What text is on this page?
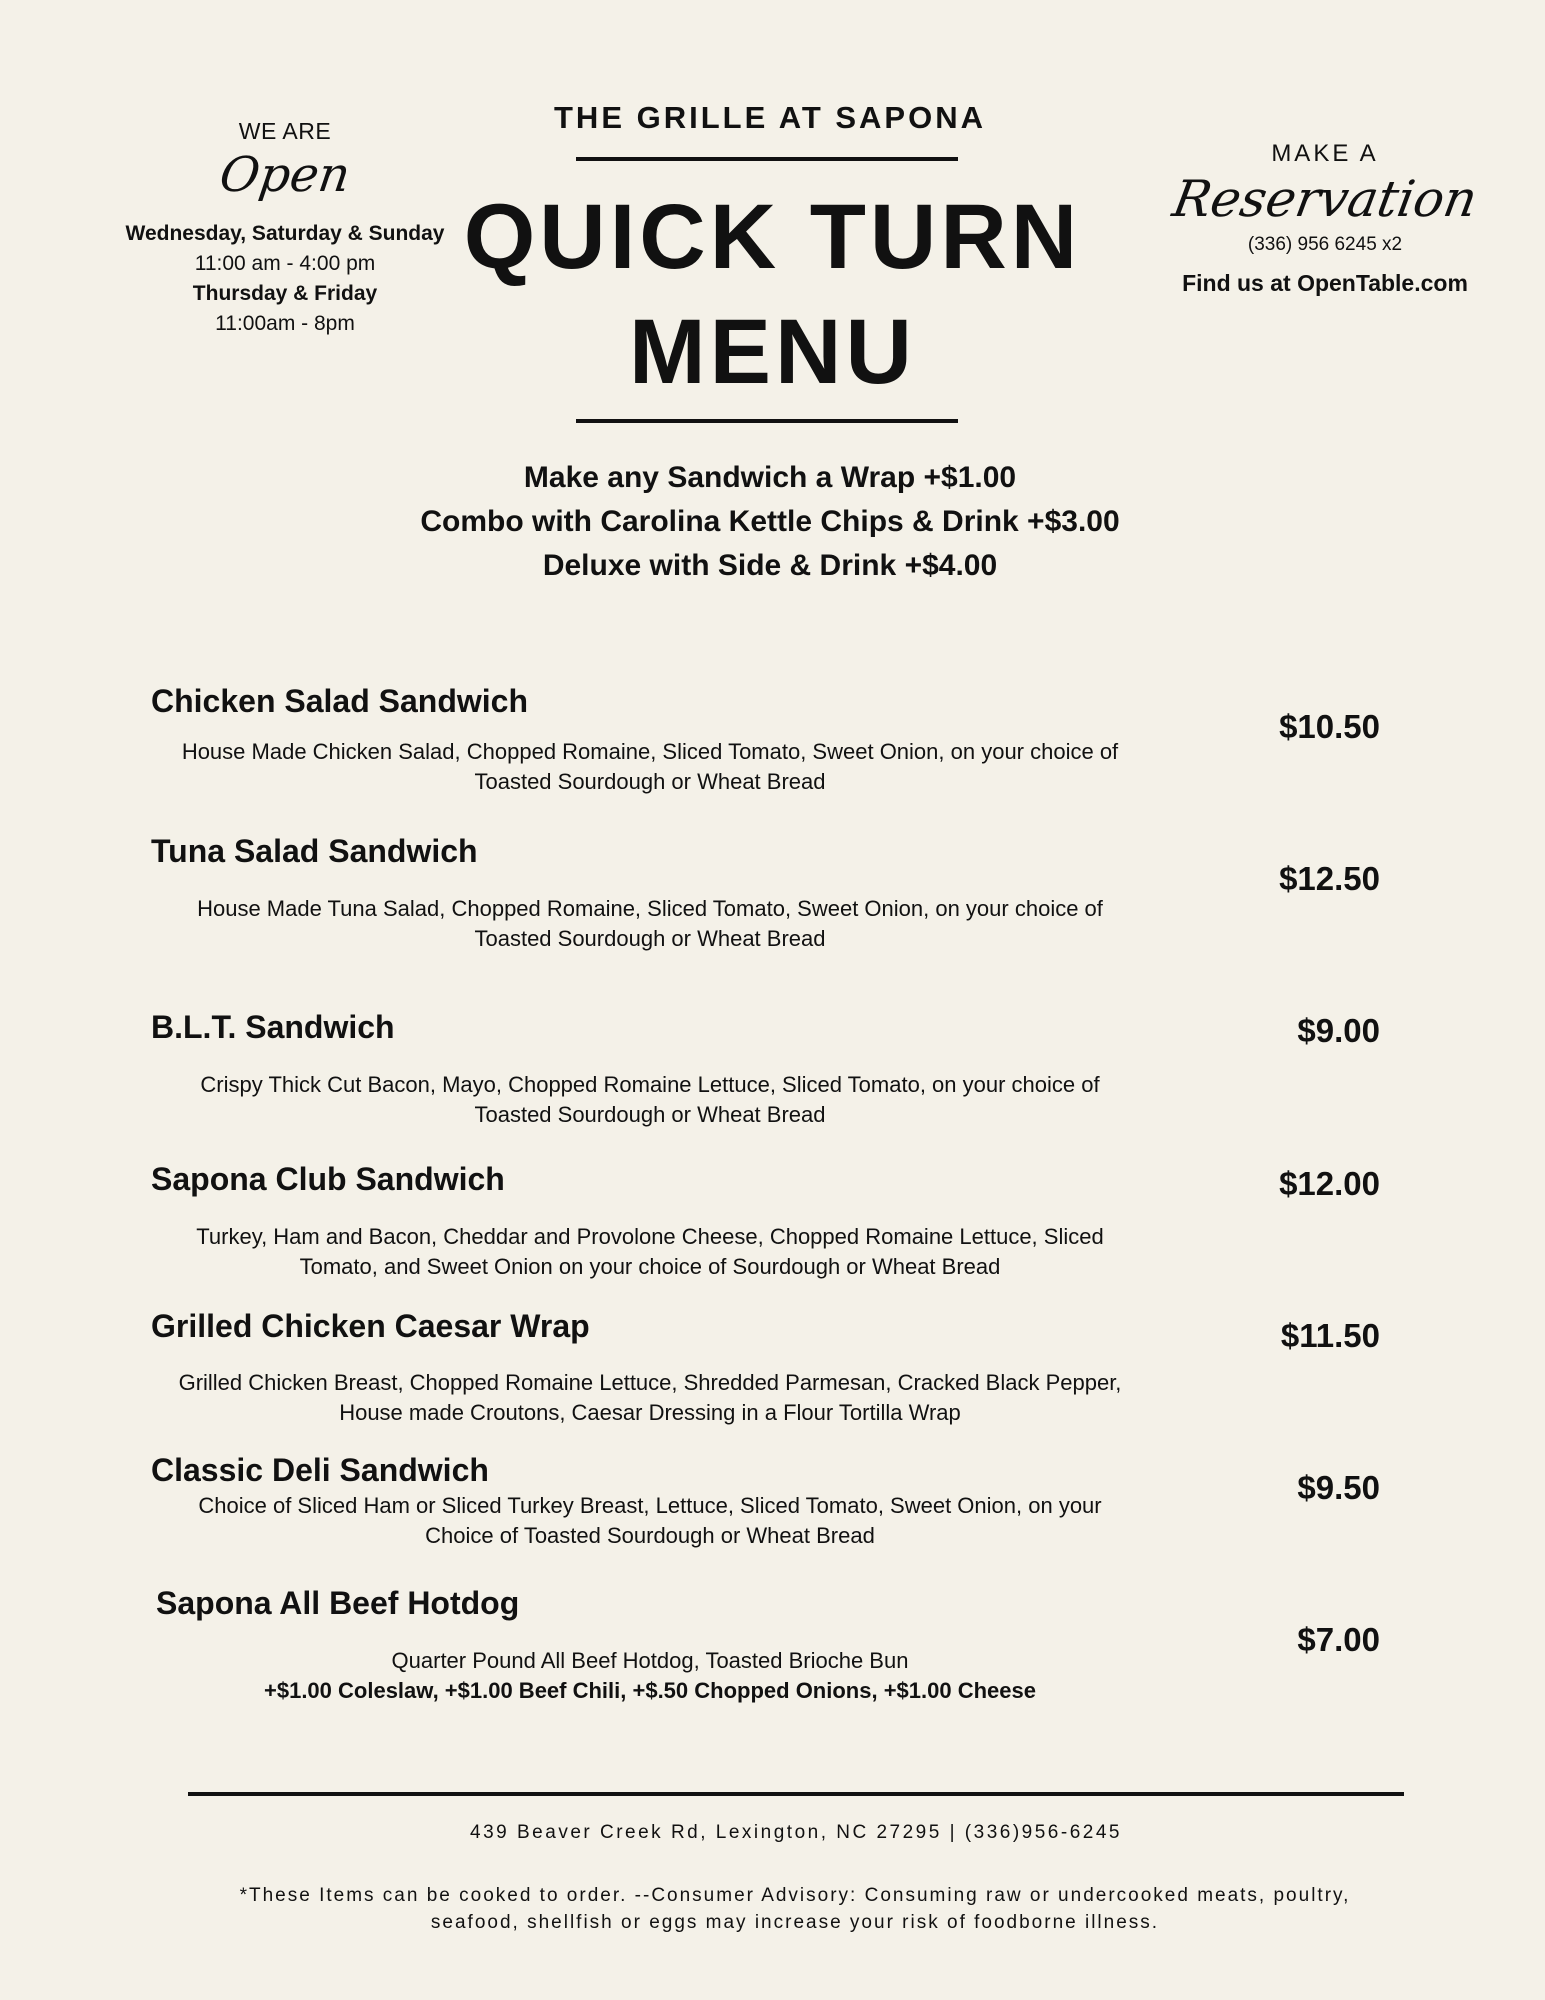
WE ARE
Open
Wednesday, Saturday & Sunday
11:00 am - 4:00 pm
Thursday & Friday
11:00am - 8pm
THE GRILLE AT SAPONA
QUICK TURN
MENU
MAKE A
Reservation
(336) 956 6245 x2
Find us at OpenTable.com
Make any Sandwich a Wrap +$1.00
Combo with Carolina Kettle Chips & Drink +$3.00
Deluxe with Side & Drink +$4.00
Chicken Salad Sandwich
House Made Chicken Salad, Chopped Romaine, Sliced Tomato, Sweet Onion, on your choice of
Toasted Sourdough or Wheat Bread
$10.50
Tuna Salad Sandwich
House Made Tuna Salad, Chopped Romaine, Sliced Tomato, Sweet Onion, on your choice of
Toasted Sourdough or Wheat Bread
$12.50
B.L.T. Sandwich
Crispy Thick Cut Bacon, Mayo, Chopped Romaine Lettuce, Sliced Tomato, on your choice of
Toasted Sourdough or Wheat Bread
$9.00
Sapona Club Sandwich
Turkey, Ham and Bacon, Cheddar and Provolone Cheese, Chopped Romaine Lettuce, Sliced
Tomato, and Sweet Onion on your choice of Sourdough or Wheat Bread
$12.00
Grilled Chicken Caesar Wrap
Grilled Chicken Breast, Chopped Romaine Lettuce, Shredded Parmesan, Cracked Black Pepper,
House made Croutons, Caesar Dressing in a Flour Tortilla Wrap
$11.50
Classic Deli Sandwich
Choice of Sliced Ham or Sliced Turkey Breast, Lettuce, Sliced Tomato, Sweet Onion, on your
Choice of Toasted Sourdough or Wheat Bread
$9.50
Sapona All Beef Hotdog
Quarter Pound All Beef Hotdog, Toasted Brioche Bun
+$1.00 Coleslaw, +$1.00 Beef Chili, +$.50 Chopped Onions, +$1.00 Cheese
$7.00
439 Beaver Creek Rd, Lexington, NC 27295 | (336)956-6245
*These Items can be cooked to order. --Consumer Advisory: Consuming raw or undercooked meats, poultry,
seafood, shellfish or eggs may increase your risk of foodborne illness.
